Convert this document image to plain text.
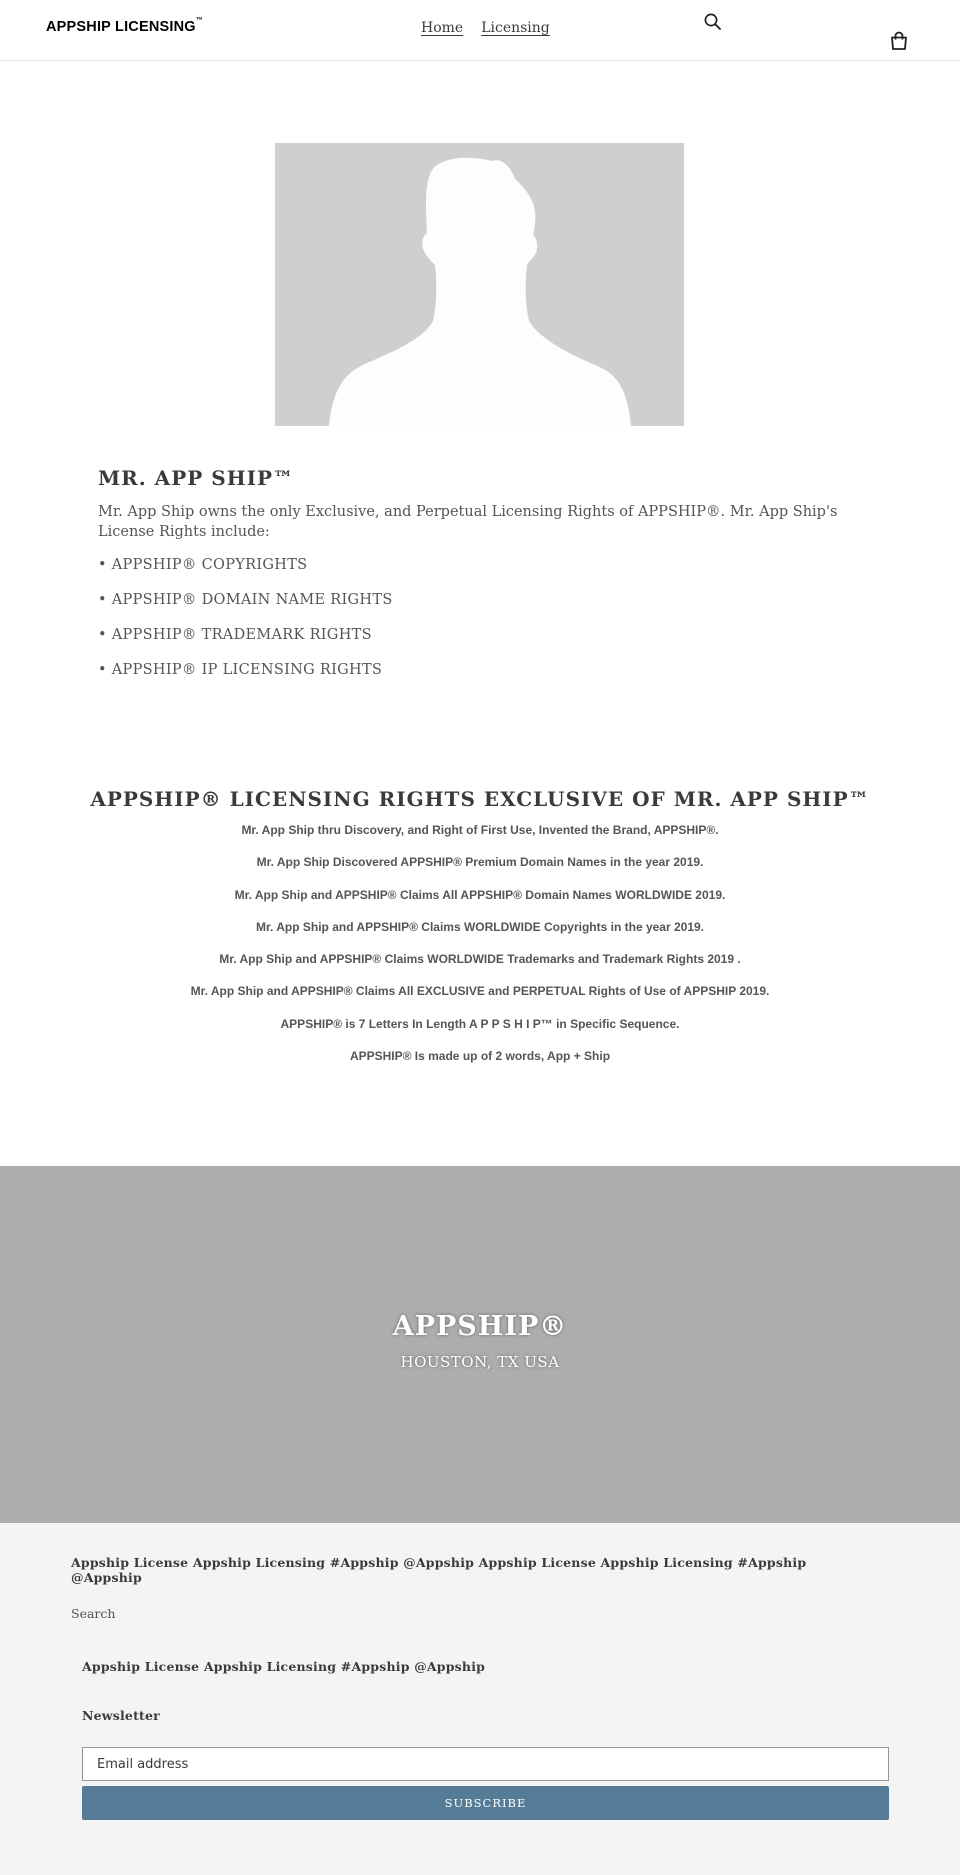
APPSHIP LICENSING™	Home Licensing
MR. APP SHIP™

Mr. App Ship owns the only Exclusive, and Perpetual Licensing Rights of APPSHIP®. Mr. App Ship's License Rights include:

• APPSHIP® COPYRIGHTS
• APPSHIP® DOMAIN NAME RIGHTS
• APPSHIP® TRADEMARK RIGHTS
• APPSHIP® IP LICENSING RIGHTS
APPSHIP® LICENSING RIGHTS EXCLUSIVE OF MR. APP SHIP™

Mr. App Ship thru Discovery, and Right of First Use, Invented the Brand, APPSHIP®.

Mr. App Ship Discovered APPSHIP® Premium Domain Names in the year 2019.

Mr. App Ship and APPSHIP® Claims All APPSHIP® Domain Names WORLDWIDE 2019.

Mr. App Ship and APPSHIP® Claims WORLDWIDE Copyrights in the year 2019.

Mr. App Ship and APPSHIP® Claims WORLDWIDE Trademarks and Trademark Rights 2019 .

Mr. App Ship and APPSHIP® Claims All EXCLUSIVE and PERPETUAL Rights of Use of APPSHIP 2019.

APPSHIP® is 7 Letters In Length A P P S H I P™ in Specific Sequence.

APPSHIP® Is made up of 2 words, App + Ship

APPSHIP®
HOUSTON, TX USA
Appship License Appship Licensing #Appship @Appship Appship License Appship Licensing #Appship @Appship
Search
Appship License Appship Licensing #Appship @Appship
Newsletter
Email address
SUBSCRIBE
